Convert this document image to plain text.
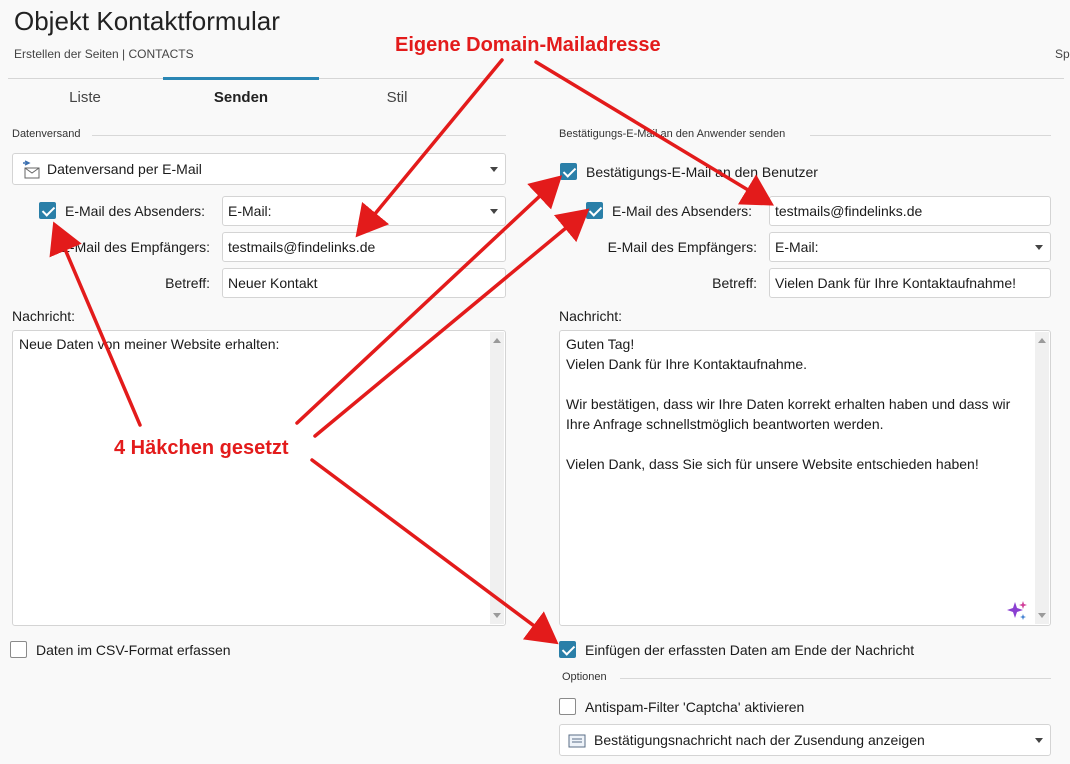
Objekt Kontaktformular
Erstellen der Seiten | CONTACTS	Sp
Liste	Senden	Stil
Datenversand
Datenversand per E-Mail
E-Mail des Absenders: E-Mail:
E-Mail des Empfängers:	testmails@findelinks.de
Betreff:	Neuer Kontakt
Nachricht:
Neue Daten von meiner Website erhalten:
Daten im CSV-Format erfassen
Bestätigungs-E-Mail an den Anwender senden
Bestätigungs-E-Mail an den Benutzer
E-Mail des Absenders:	testmails@findelinks.de
E-Mail des Empfängers: E-Mail:
Betreff:	Vielen Dank für Ihre Kontaktaufnahme!
Nachricht:
Guten Tag!
Vielen Dank für Ihre Kontaktaufnahme.

Wir bestätigen, dass wir Ihre Daten korrekt erhalten haben und dass wir Ihre Anfrage schnellstmöglich beantworten werden.

Vielen Dank, dass Sie sich für unsere Website entschieden haben!
Einfügen der erfassten Daten am Ende der Nachricht
Optionen
Antispam-Filter 'Captcha' aktivieren
Bestätigungsnachricht nach der Zusendung anzeigen
Eigene Domain-Mailadresse
4 Häkchen gesetzt
